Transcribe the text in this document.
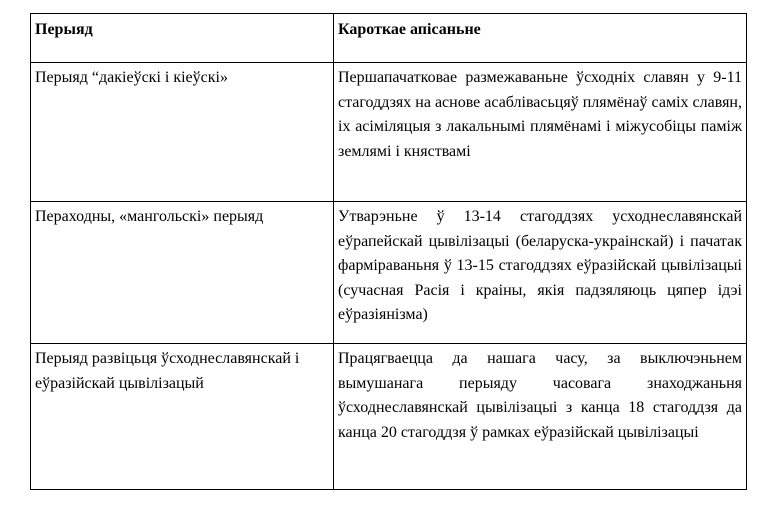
Перыяд	Кароткае апісаньне

Перыяд “дакіеўскі і кіеўскі»	Першапачатковае размежаваньне ўсходніх славян у 9-11 стагоддзях на аснове асаблівасьцяў плямёнаў саміх славян, іх асіміляцыя з лакальнымі плямёнамі і міжусобіцы паміж землямі і княствамі

Пераходны, «мангольскі» перыяд	Утварэньне ў 13-14 стагоддзях усходнеславянскай еўрапейскай цывілізацыі (беларуска-украінскай) і пачатак фарміраваньня ў 13-15 стагоддзях еўразійскай цывілізацыі (сучасная Расія і краіны, якія падзяляюць цяпер ідэі еўразіянізма)

Перыяд развіцьця ўсходнеславянскай і еўразійскай цывілізацый	Працягваецца да нашага часу, за выключэньнем вымушанага перыяду часовага знаходжаньня ўсходнеславянскай цывілізацыі з канца 18 стагоддзя да канца 20 стагоддзя ў рамках еўразійскай цывілізацыі
